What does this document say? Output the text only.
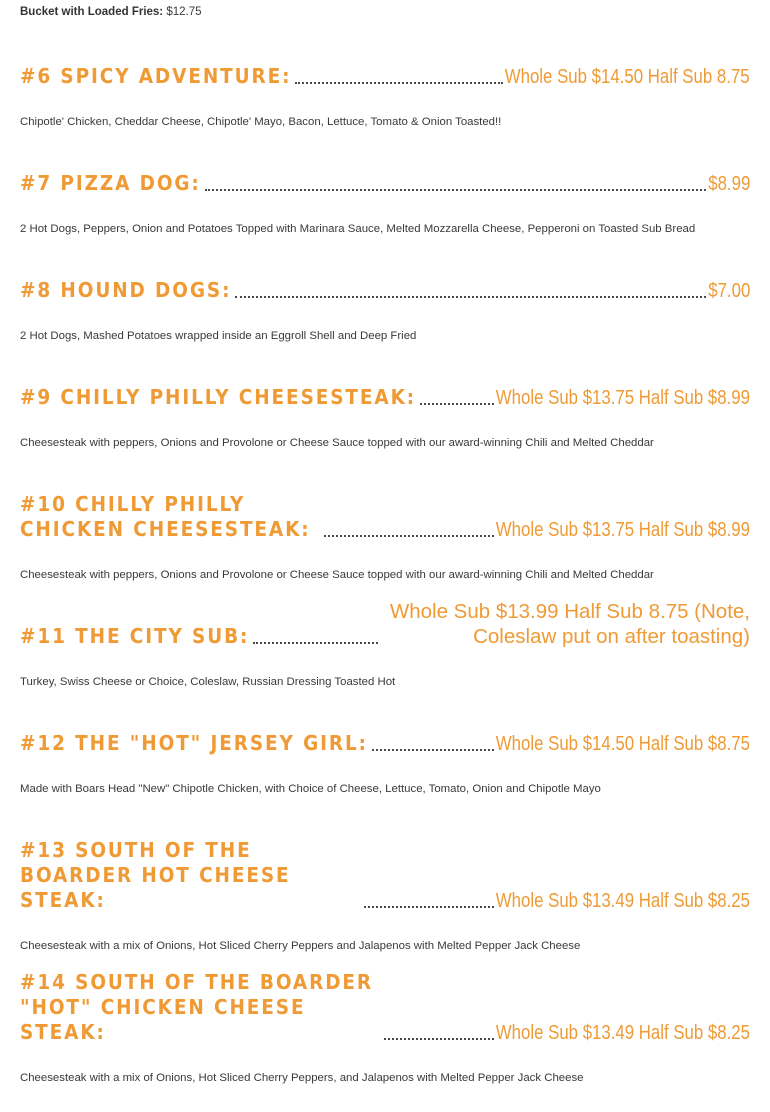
Bucket with Loaded Fries: $12.75
#6 SPICY ADVENTURE:	Whole Sub $14.50 Half Sub 8.75
Chipotle' Chicken, Cheddar Cheese, Chipotle' Mayo, Bacon, Lettuce, Tomato & Onion Toasted!!
#7 PIZZA DOG:	$8.99
2 Hot Dogs, Peppers, Onion and Potatoes Topped with Marinara Sauce, Melted Mozzarella Cheese, Pepperoni on Toasted Sub Bread
#8 HOUND DOGS:	$7.00
2 Hot Dogs, Mashed Potatoes wrapped inside an Eggroll Shell and Deep Fried
#9 CHILLY PHILLY CHEESESTEAK:	Whole Sub $13.75 Half Sub $8.99
Cheesesteak with peppers, Onions and Provolone or Cheese Sauce topped with our award-winning Chili and Melted Cheddar
#10 CHILLY PHILLY CHICKEN CHEESESTEAK:	Whole Sub $13.75 Half Sub $8.99
Cheesesteak with peppers, Onions and Provolone or Cheese Sauce topped with our award-winning Chili and Melted Cheddar
#11 THE CITY SUB:
Whole Sub $13.99 Half Sub 8.75 (Note, Coleslaw put on after toasting)
Turkey, Swiss Cheese or Choice, Coleslaw, Russian Dressing Toasted Hot
#12 THE "HOT" JERSEY GIRL:	Whole Sub $14.50 Half Sub $8.75
Made with Boars Head "New" Chipotle Chicken, with Choice of Cheese, Lettuce, Tomato, Onion and Chipotle Mayo
#13 SOUTH OF THE BOARDER HOT CHEESE STEAK:	Whole Sub $13.49 Half Sub $8.25
Cheesesteak with a mix of Onions, Hot Sliced Cherry Peppers and Jalapenos with Melted Pepper Jack Cheese
#14 SOUTH OF THE BOARDER "HOT" CHICKEN CHEESE STEAK:	Whole Sub $13.49 Half Sub $8.25
Cheesesteak with a mix of Onions, Hot Sliced Cherry Peppers, and Jalapenos with Melted Pepper Jack Cheese
